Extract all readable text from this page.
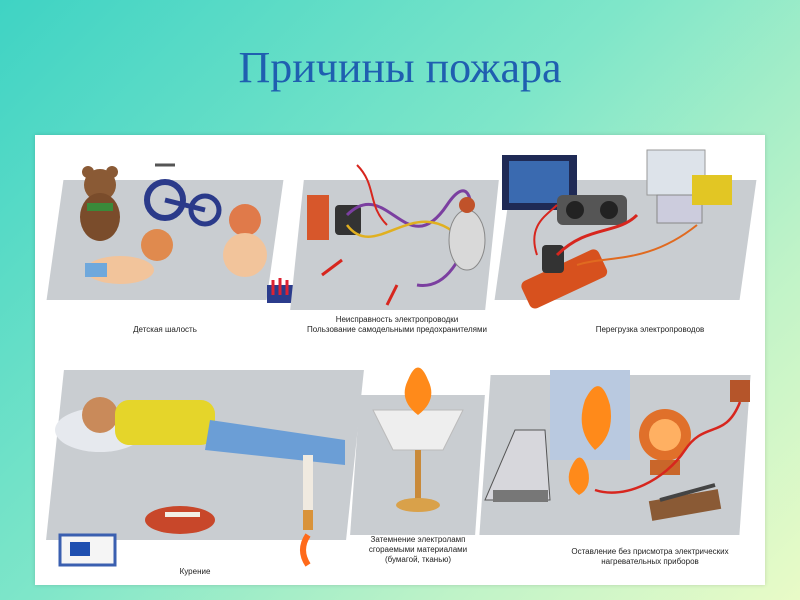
Причины пожара
Детская шалость
Неисправность электропроводки
Пользование самодельными предохранителями	Перегрузка электропроводов
Курение
Затемнение электроламп
сгораемыми материалами
(бумагой, тканью)
Оставление без присмотра электрических
нагревательных приборов
